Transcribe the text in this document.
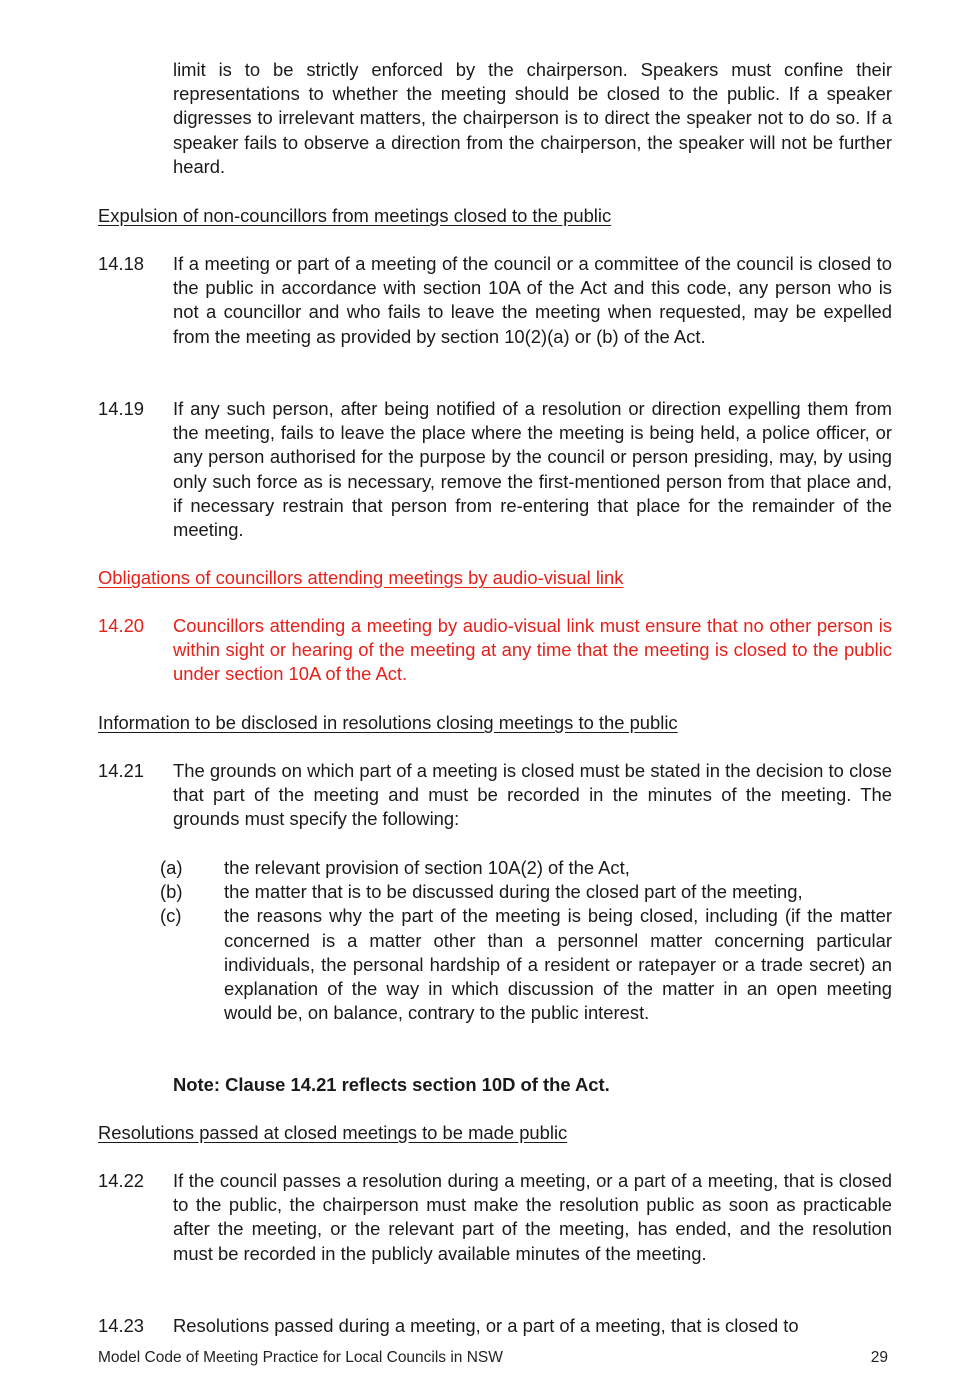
limit is to be strictly enforced by the chairperson. Speakers must confine their representations to whether the meeting should be closed to the public. If a speaker digresses to irrelevant matters, the chairperson is to direct the speaker not to do so. If a speaker fails to observe a direction from the chairperson, the speaker will not be further heard.
Expulsion of non-councillors from meetings closed to the public
14.18	If a meeting or part of a meeting of the council or a committee of the council is closed to the public in accordance with section 10A of the Act and this code, any person who is not a councillor and who fails to leave the meeting when requested, may be expelled from the meeting as provided by section 10(2)(a) or (b) of the Act.
14.19	If any such person, after being notified of a resolution or direction expelling them from the meeting, fails to leave the place where the meeting is being held, a police officer, or any person authorised for the purpose by the council or person presiding, may, by using only such force as is necessary, remove the first-mentioned person from that place and, if necessary restrain that person from re-entering that place for the remainder of the meeting.
Obligations of councillors attending meetings by audio-visual link
14.20	Councillors attending a meeting by audio-visual link must ensure that no other person is within sight or hearing of the meeting at any time that the meeting is closed to the public under section 10A of the Act.
Information to be disclosed in resolutions closing meetings to the public
14.21	The grounds on which part of a meeting is closed must be stated in the decision to close that part of the meeting and must be recorded in the minutes of the meeting. The grounds must specify the following:
(a) the relevant provision of section 10A(2) of the Act,
(b) the matter that is to be discussed during the closed part of the meeting,
(c) the reasons why the part of the meeting is being closed, including (if the matter concerned is a matter other than a personnel matter concerning particular individuals, the personal hardship of a resident or ratepayer or a trade secret) an explanation of the way in which discussion of the matter in an open meeting would be, on balance, contrary to the public interest.
Note: Clause 14.21 reflects section 10D of the Act.
Resolutions passed at closed meetings to be made public
14.22	If the council passes a resolution during a meeting, or a part of a meeting, that is closed to the public, the chairperson must make the resolution public as soon as practicable after the meeting, or the relevant part of the meeting, has ended, and the resolution must be recorded in the publicly available minutes of the meeting.
14.23	Resolutions passed during a meeting, or a part of a meeting, that is closed to
Model Code of Meeting Practice for Local Councils in NSW	29
